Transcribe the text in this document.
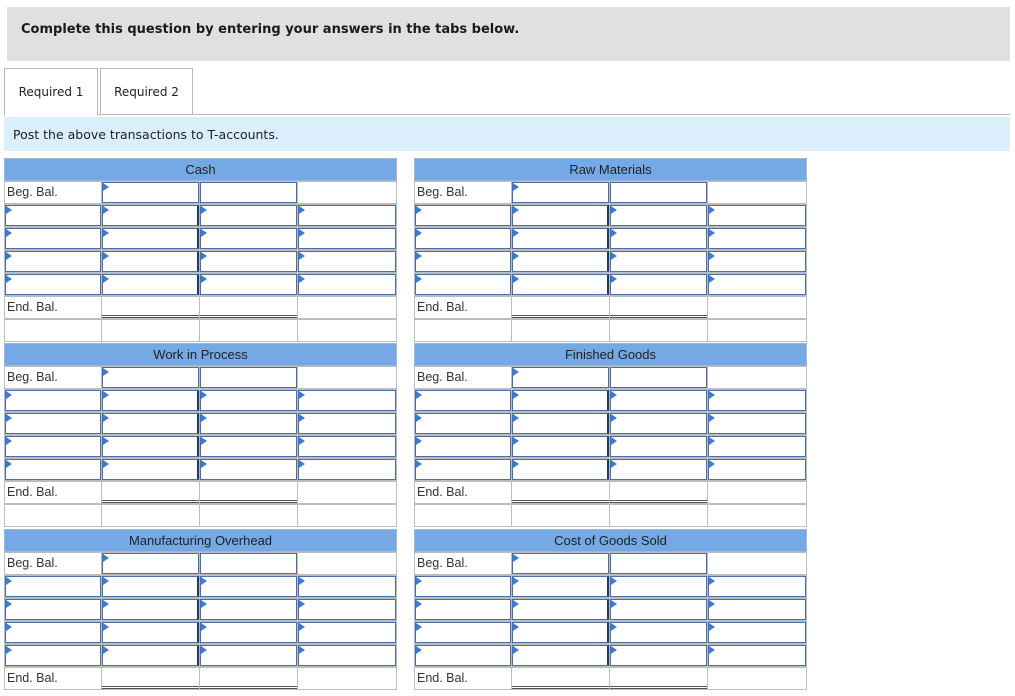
Complete this question by entering your answers in the tabs below.
Required 1	Required 2
Post the above transactions to T-accounts.
Cash
Beg. Bal.
End. Bal.
Raw Materials
Beg. Bal.
End. Bal.
Work in Process
Beg. Bal.
End. Bal.
Finished Goods
Beg. Bal.
End. Bal.
Manufacturing Overhead
Beg. Bal.
End. Bal.
Cost of Goods Sold
Beg. Bal.
End. Bal.
